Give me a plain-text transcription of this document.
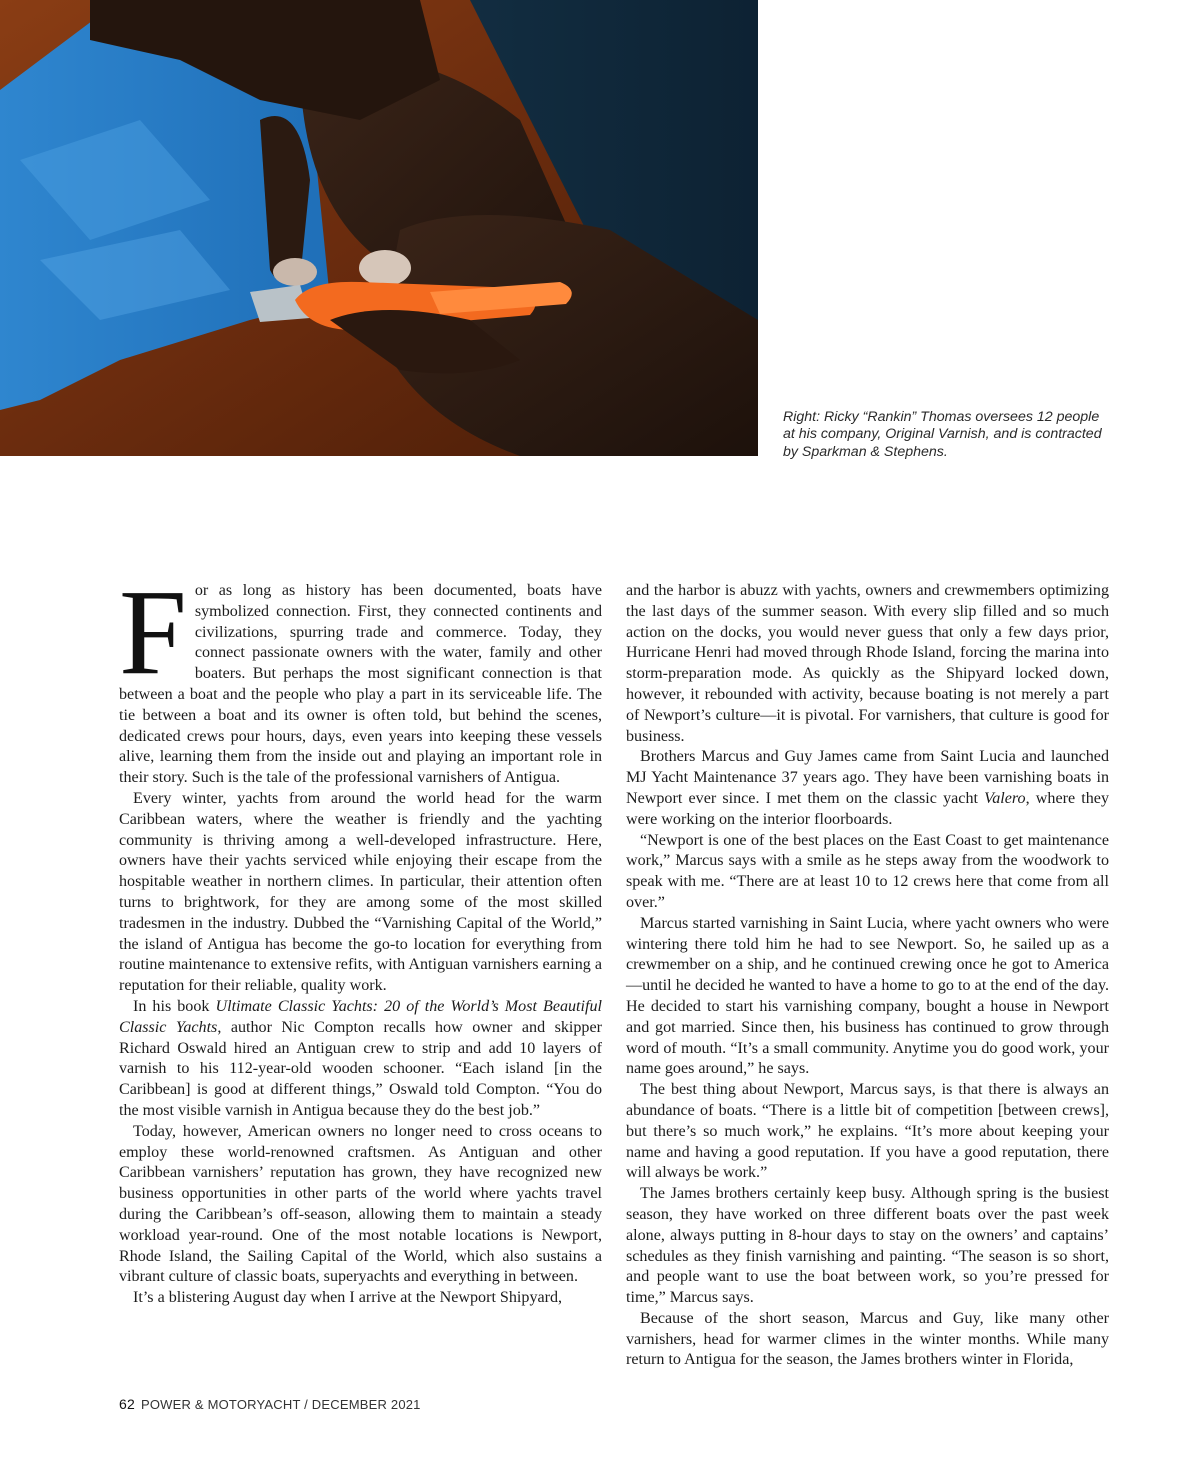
Right: Ricky “Rankin” Thomas oversees 12 people at his company, Original Varnish, and is contracted by Sparkman & Stephens.

For as long as history has been documented, boats have symbolized connection. First, they connected continents and civilizations, spurring trade and commerce. Today, they connect passionate owners with the water, family and other boaters. But perhaps the most significant connection is that between a boat and the people who play a part in its serviceable life. The tie between a boat and its owner is often told, but behind the scenes, dedicated crews pour hours, days, even years into keeping these vessels alive, learning them from the inside out and playing an important role in their story. Such is the tale of the professional varnishers of Antigua.

Every winter, yachts from around the world head for the warm Caribbean waters, where the weather is friendly and the yachting community is thriving among a well-developed infrastructure. Here, owners have their yachts serviced while enjoying their escape from the hospitable weather in northern climes. In particular, their attention often turns to brightwork, for they are among some of the most skilled tradesmen in the industry. Dubbed the “Varnishing Capital of the World,” the island of Antigua has become the go-to location for everything from routine maintenance to extensive refits, with Antiguan varnishers earning a reputation for their reliable, quality work.

In his book Ultimate Classic Yachts: 20 of the World’s Most Beautiful Classic Yachts, author Nic Compton recalls how owner and skipper Richard Oswald hired an Antiguan crew to strip and add 10 layers of varnish to his 112-year-old wooden schooner. “Each island [in the Caribbean] is good at different things,” Oswald told Compton. “You do the most visible varnish in Antigua because they do the best job.”

Today, however, American owners no longer need to cross oceans to employ these world-renowned craftsmen. As Antiguan and other Caribbean varnishers’ reputation has grown, they have recognized new business opportunities in other parts of the world where yachts travel during the Caribbean’s off-season, allowing them to maintain a steady workload year-round. One of the most notable locations is Newport, Rhode Island, the Sailing Capital of the World, which also sustains a vibrant culture of classic boats, superyachts and everything in between.

It’s a blistering August day when I arrive at the Newport Shipyard,

and the harbor is abuzz with yachts, owners and crewmembers optimizing the last days of the summer season. With every slip filled and so much action on the docks, you would never guess that only a few days prior, Hurricane Henri had moved through Rhode Island, forcing the marina into storm-preparation mode. As quickly as the Shipyard locked down, however, it rebounded with activity, because boating is not merely a part of Newport’s culture—it is pivotal. For varnishers, that culture is good for business.

Brothers Marcus and Guy James came from Saint Lucia and launched MJ Yacht Maintenance 37 years ago. They have been varnishing boats in Newport ever since. I met them on the classic yacht Valero, where they were working on the interior floorboards.

“Newport is one of the best places on the East Coast to get maintenance work,” Marcus says with a smile as he steps away from the woodwork to speak with me. “There are at least 10 to 12 crews here that come from all over.”

Marcus started varnishing in Saint Lucia, where yacht owners who were wintering there told him he had to see Newport. So, he sailed up as a crewmember on a ship, and he continued crewing once he got to America—until he decided he wanted to have a home to go to at the end of the day. He decided to start his varnishing company, bought a house in Newport and got married. Since then, his business has continued to grow through word of mouth. “It’s a small community. Anytime you do good work, your name goes around,” he says.

The best thing about Newport, Marcus says, is that there is always an abundance of boats. “There is a little bit of competition [between crews], but there’s so much work,” he explains. “It’s more about keeping your name and having a good reputation. If you have a good reputation, there will always be work.”

The James brothers certainly keep busy. Although spring is the busiest season, they have worked on three different boats over the past week alone, always putting in 8-hour days to stay on the owners’ and captains’ schedules as they finish varnishing and painting. “The season is so short, and people want to use the boat between work, so you’re pressed for time,” Marcus says.

Because of the short season, Marcus and Guy, like many other varnishers, head for warmer climes in the winter months. While many return to Antigua for the season, the James brothers winter in Florida,

62 POWER & MOTORYACHT / DECEMBER 2021
